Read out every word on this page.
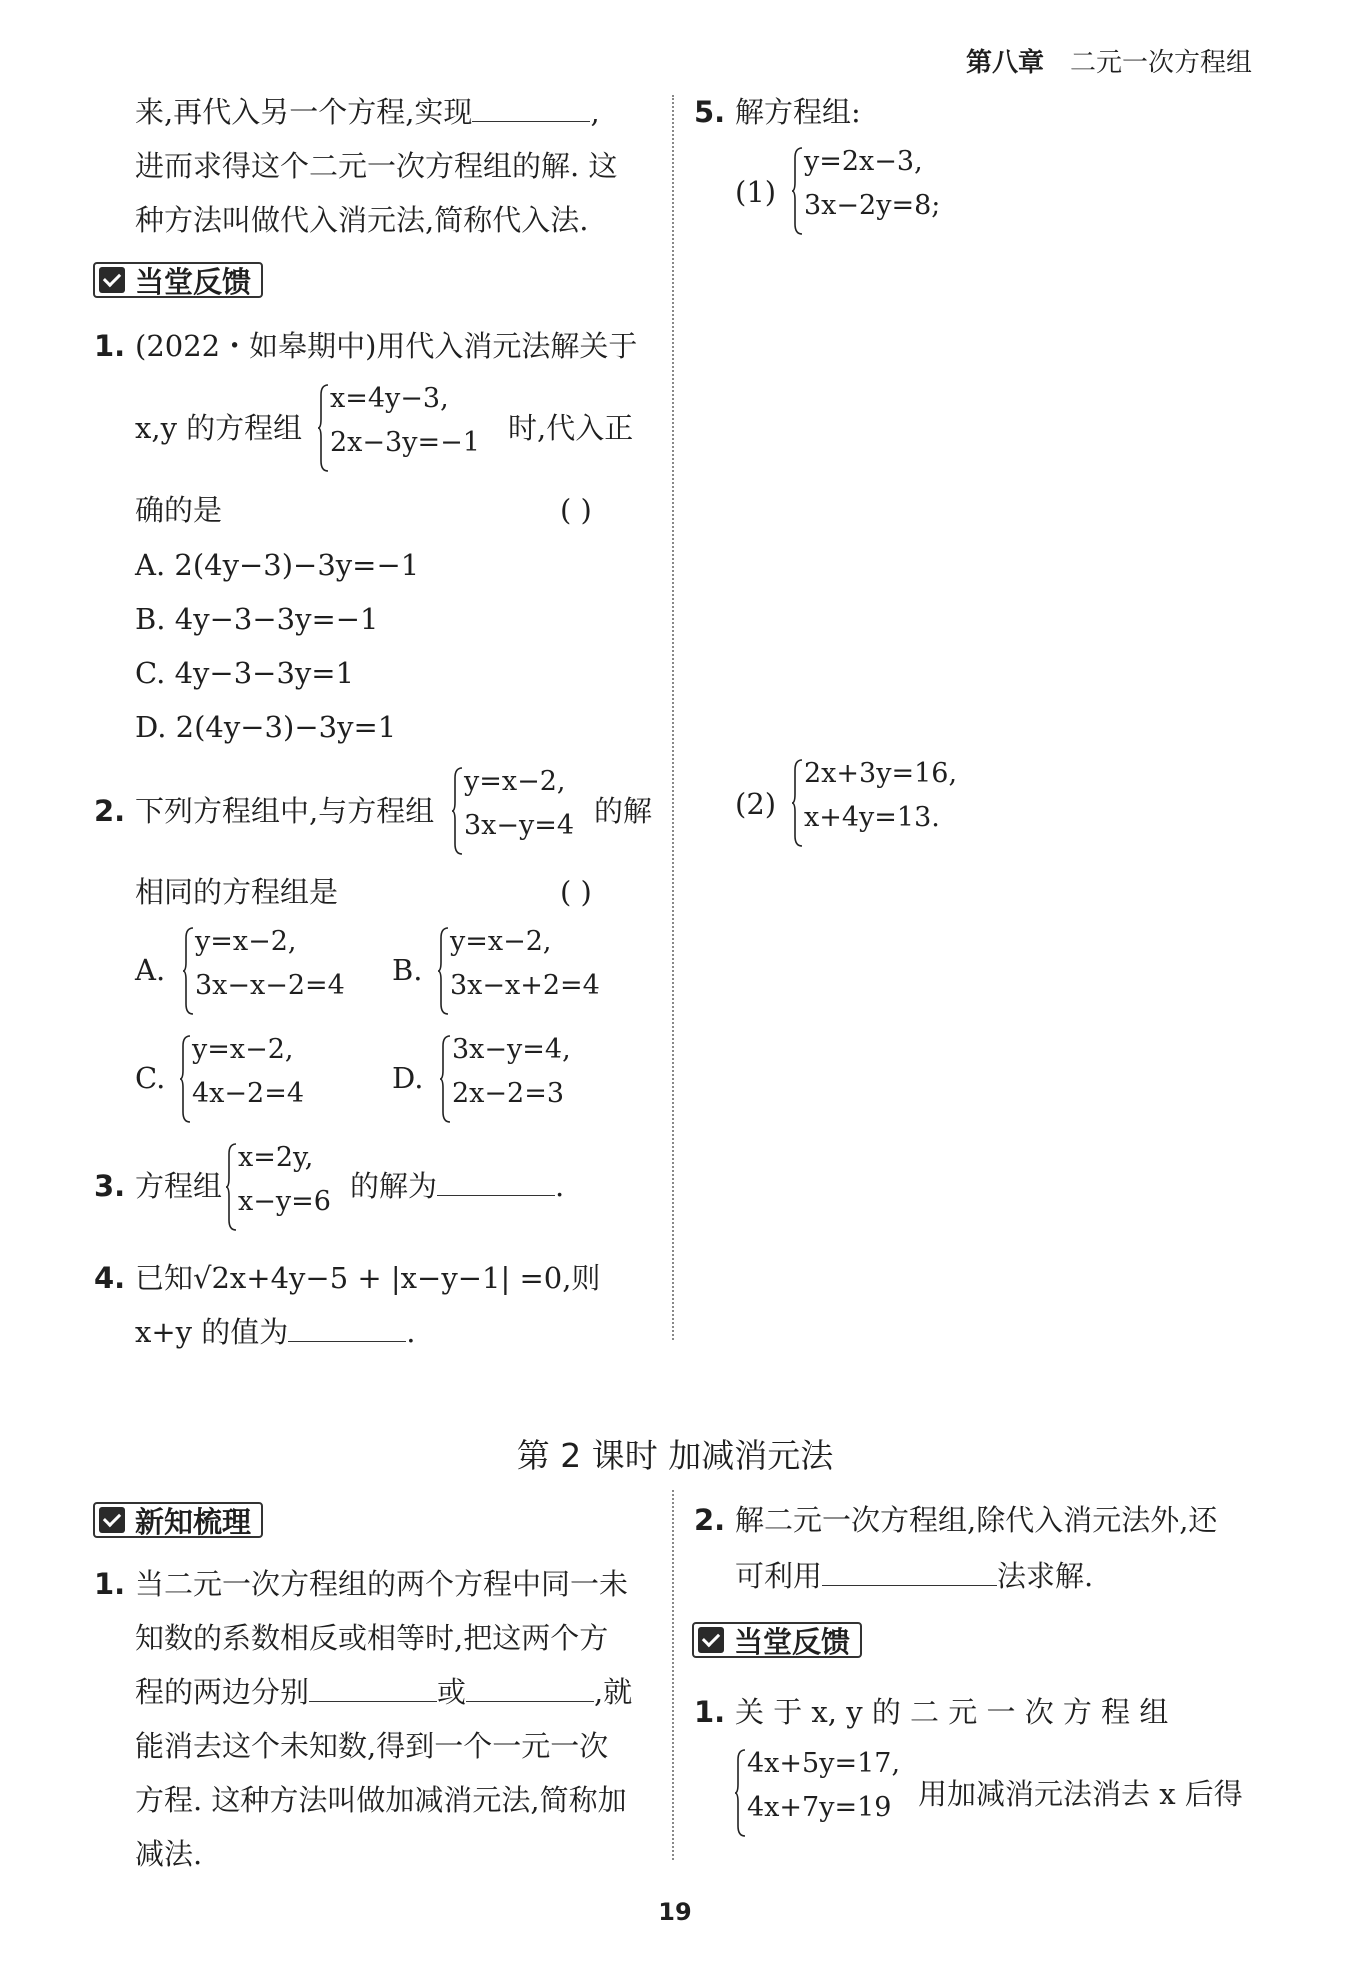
第八章 二元一次方程组
来,再代入另一个方程,实现	,
进而求得这个二元一次方程组的解. 这
种方法叫做代入消元法,简称代入法.
当堂反馈
1. (2022・如皋期中)用代入消元法解关于
x,y 的方程组
x=4y−3,
2x−3y=−1 时,代入正
确的是	( )
A. 2(4y−3)−3y=−1
B. 4y−3−3y=−1
C. 4y−3−3y=1
D. 2(4y−3)−3y=1
2. 下列方程组中,与方程组
y=x−2,
3x−y=4 的解
相同的方程组是	( )
A.
y=x−2,
3x−x−2=4 B.
y=x−2,
3x−x+2=4
C.
y=x−2,
4x−2=4	D.
3x−y=4,
2x−2=3
3. 方程组
x=2y,
x−y=6 的解为	.
4. 已知√2x+4y−5 + |x−y−1| =0,则
x+y 的值为	.
5. 解方程组:
(1)
y=2x−3,
3x−2y=8;
(2)
2x+3y=16,
x+4y=13.
第 2 课时 加减消元法
新知梳理
1. 当二元一次方程组的两个方程中同一未
知数的系数相反或相等时,把这两个方
程的两边分别	或	,就
能消去这个未知数,得到一个一元一次
方程. 这种方法叫做加减消元法,简称加
减法.
2. 解二元一次方程组,除代入消元法外,还
可利用	法求解.
当堂反馈
1. 关 于 x, y 的 二 元 一 次 方 程 组
4x+5y=17,
4x+7y=19 用加减消元法消去 x 后得
19
